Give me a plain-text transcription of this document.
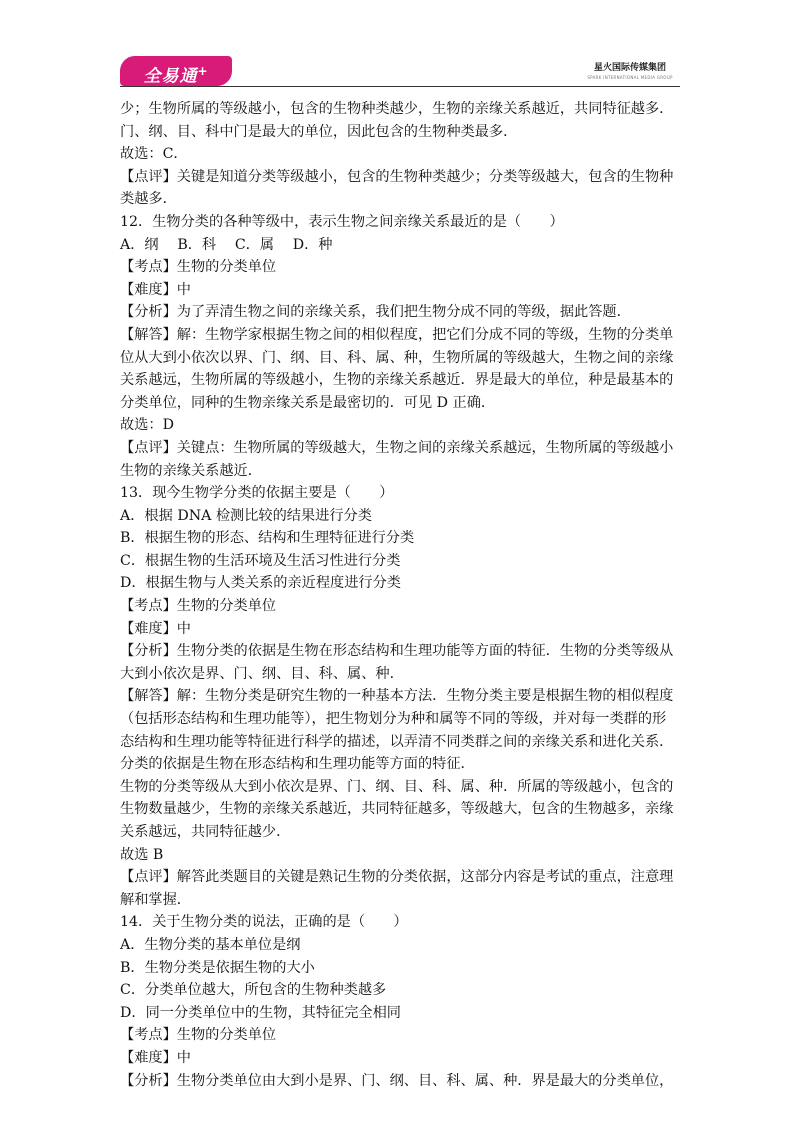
全易通+	星火国际传媒集团
SPARK INTERNATIONAL MEDIA GROUP
少；生物所属的等级越小，包含的生物种类越少，生物的亲缘关系越近，共同特征越多．
门、纲、目、科中门是最大的单位，因此包含的生物种类最多．
故选：C．
【点评】关键是知道分类等级越小，包含的生物种类越少；分类等级越大，包含的生物种
类越多．
12．生物分类的各种等级中，表示生物之间亲缘关系最近的是（　　）
A．纲　 B．科　 C．属　 D．种
【考点】生物的分类单位
【难度】中
【分析】为了弄清生物之间的亲缘关系，我们把生物分成不同的等级，据此答题．
【解答】解：生物学家根据生物之间的相似程度，把它们分成不同的等级，生物的分类单
位从大到小依次以界、门、纲、目、科、属、种，生物所属的等级越大，生物之间的亲缘
关系越远，生物所属的等级越小，生物的亲缘关系越近．界是最大的单位，种是最基本的
分类单位，同种的生物亲缘关系是最密切的．可见 D 正确．
故选：D
【点评】关键点：生物所属的等级越大，生物之间的亲缘关系越远，生物所属的等级越小
生物的亲缘关系越近．
13．现今生物学分类的依据主要是（　　）
A．根据 DNA 检测比较的结果进行分类
B．根据生物的形态、结构和生理特征进行分类
C．根据生物的生活环境及生活习性进行分类
D．根据生物与人类关系的亲近程度进行分类
【考点】生物的分类单位
【难度】中
【分析】生物分类的依据是生物在形态结构和生理功能等方面的特征．生物的分类等级从
大到小依次是界、门、纲、目、科、属、种．
【解答】解：生物分类是研究生物的一种基本方法．生物分类主要是根据生物的相似程度
（包括形态结构和生理功能等），把生物划分为种和属等不同的等级，并对每一类群的形
态结构和生理功能等特征进行科学的描述，以弄清不同类群之间的亲缘关系和进化关系．
分类的依据是生物在形态结构和生理功能等方面的特征．
生物的分类等级从大到小依次是界、门、纲、目、科、属、种．所属的等级越小，包含的
生物数量越少，生物的亲缘关系越近，共同特征越多，等级越大，包含的生物越多，亲缘
关系越远，共同特征越少．
故选 B
【点评】解答此类题目的关键是熟记生物的分类依据，这部分内容是考试的重点，注意理
解和掌握．
14．关于生物分类的说法，正确的是（　　）
A．生物分类的基本单位是纲
B．生物分类是依据生物的大小
C．分类单位越大，所包含的生物种类越多
D．同一分类单位中的生物，其特征完全相同
【考点】生物的分类单位
【难度】中
【分析】生物分类单位由大到小是界、门、纲、目、科、属、种．界是最大的分类单位，
